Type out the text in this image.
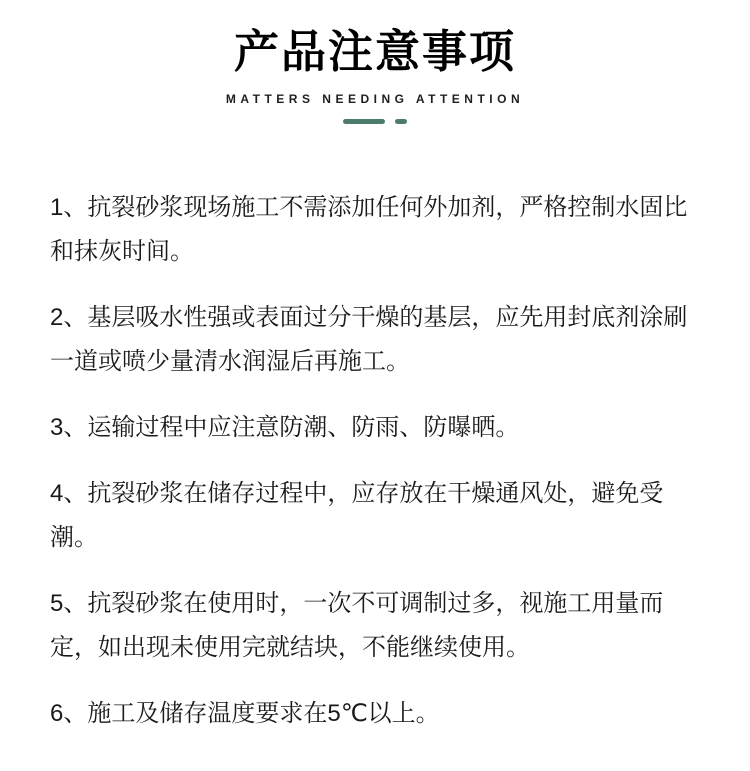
产品注意事项
MATTERS NEEDING ATTENTION

1、抗裂砂浆现场施工不需添加任何外加剂，严格控制水固比和抹灰时间。

2、基层吸水性强或表面过分干燥的基层，应先用封底剂涂刷一道或喷少量清水润湿后再施工。

3、运输过程中应注意防潮、防雨、防曝晒。

4、抗裂砂浆在储存过程中，应存放在干燥通风处，避免受潮。

5、抗裂砂浆在使用时，一次不可调制过多，视施工用量而定，如出现未使用完就结块，不能继续使用。

6、施工及储存温度要求在5℃以上。
